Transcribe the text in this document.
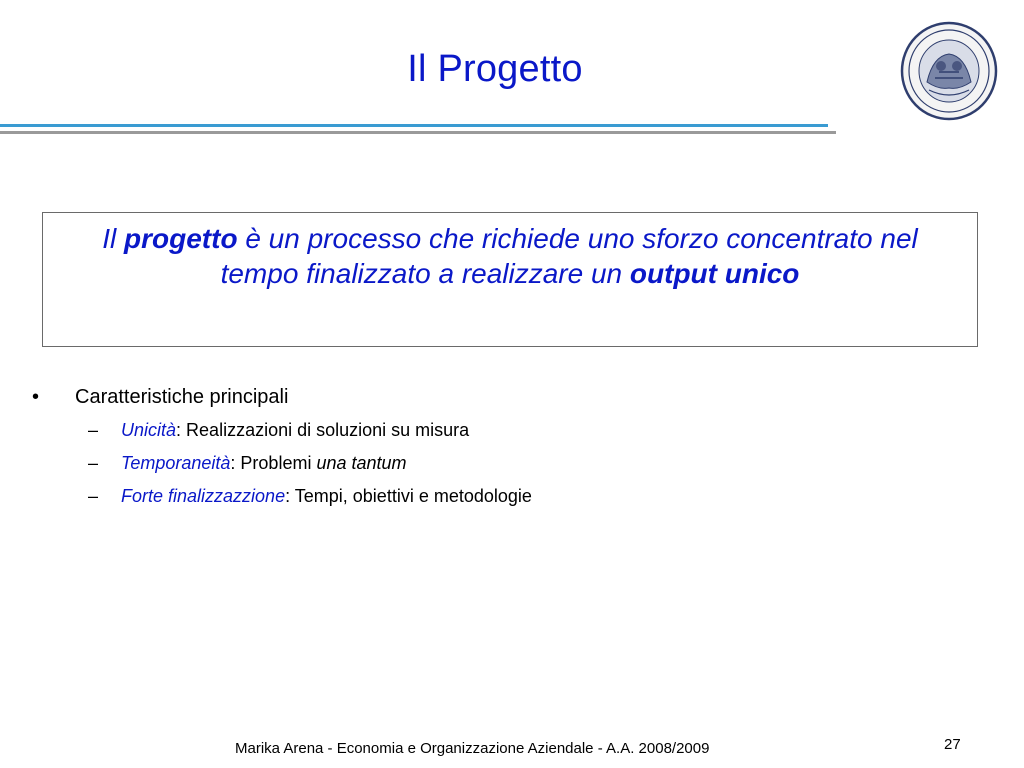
Il Progetto
Il progetto è un processo che richiede uno sforzo concentrato nel tempo finalizzato a realizzare un output unico
• Caratteristiche principali
– Unicità: Realizzazioni di soluzioni su misura
– Temporaneità: Problemi una tantum
– Forte finalizzazzione: Tempi, obiettivi e metodologie
Marika Arena - Economia e Organizzazione Aziendale - A.A. 2008/2009	27
